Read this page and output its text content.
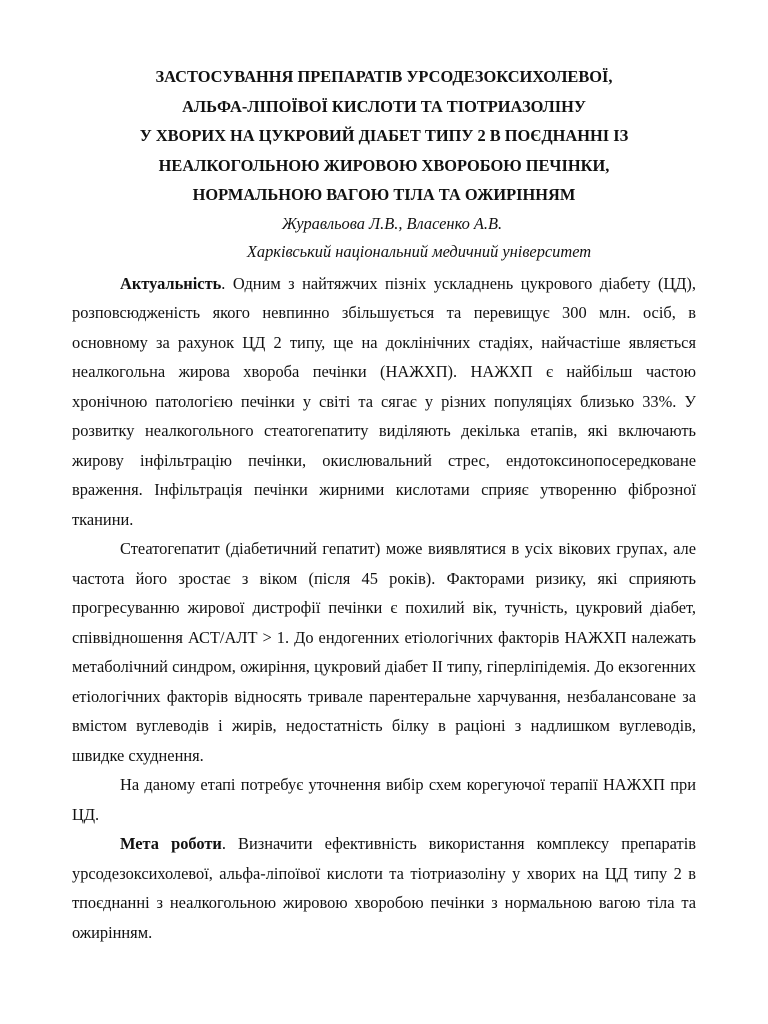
ЗАСТОСУВАННЯ ПРЕПАРАТІВ УРСОДЕЗОКСИХОЛЕВОЇ,
АЛЬФА-ЛІПОЇВОЇ КИСЛОТИ ТА ТІОТРИАЗОЛІНУ
У ХВОРИХ НА ЦУКРОВИЙ ДІАБЕТ ТИПУ 2 В ПОЄДНАННІ ІЗ
НЕАЛКОГОЛЬНОЮ ЖИРОВОЮ ХВОРОБОЮ ПЕЧІНКИ,
НОРМАЛЬНОЮ ВАГОЮ ТІЛА ТА ОЖИРІННЯМ

Журавльова Л.В., Власенко А.В.

Харківський національний медичний університет

Актуальність. Одним з найтяжчих пізніх ускладнень цукрового діабету (ЦД), розповсюдженість якого невпинно збільшується та перевищує 300 млн. осіб, в основному за рахунок ЦД 2 типу, ще на доклінічних стадіях, найчастіше являється неалкогольна жирова хвороба печінки (НАЖХП). НАЖХП є найбільш частою хронічною патологією печінки у світі та сягає у різних популяціях близько 33%. У розвитку неалкогольного стеатогепатиту виділяють декілька етапів, які включають жирову інфільтрацію печінки, окислювальний стрес, ендотоксинопосередковане враження. Інфільтрація печінки жирними кислотами сприяє утворенню фіброзної тканини.

Стеатогепатит (діабетичний гепатит) може виявлятися в усіх вікових групах, але частота його зростає з віком (після 45 років). Факторами ризику, які сприяють прогресуванню жирової дистрофії печінки є похилий вік, тучність, цукровий діабет, співвідношення АСТ/АЛТ > 1. До ендогенних етіологічних факторів НАЖХП належать метаболічний синдром, ожиріння, цукровий діабет ІІ типу, гіперліпідемія. До екзогенних етіологічних факторів відносять тривале парентеральне харчування, незбалансоване за вмістом вуглеводів і жирів, недостатність білку в раціоні з надлишком вуглеводів, швидке схуднення.

На даному етапі потребує уточнення вибір схем корегуючої терапії НАЖХП при ЦД.

Мета роботи. Визначити ефективність використання комплексу препаратів урсодезоксихолевої, альфа-ліпоївої кислоти та тіотриазоліну у хворих на ЦД типу 2 в тпоєднанні з неалкогольною жировою хворобою печінки з нормальною вагою тіла та ожирінням.
